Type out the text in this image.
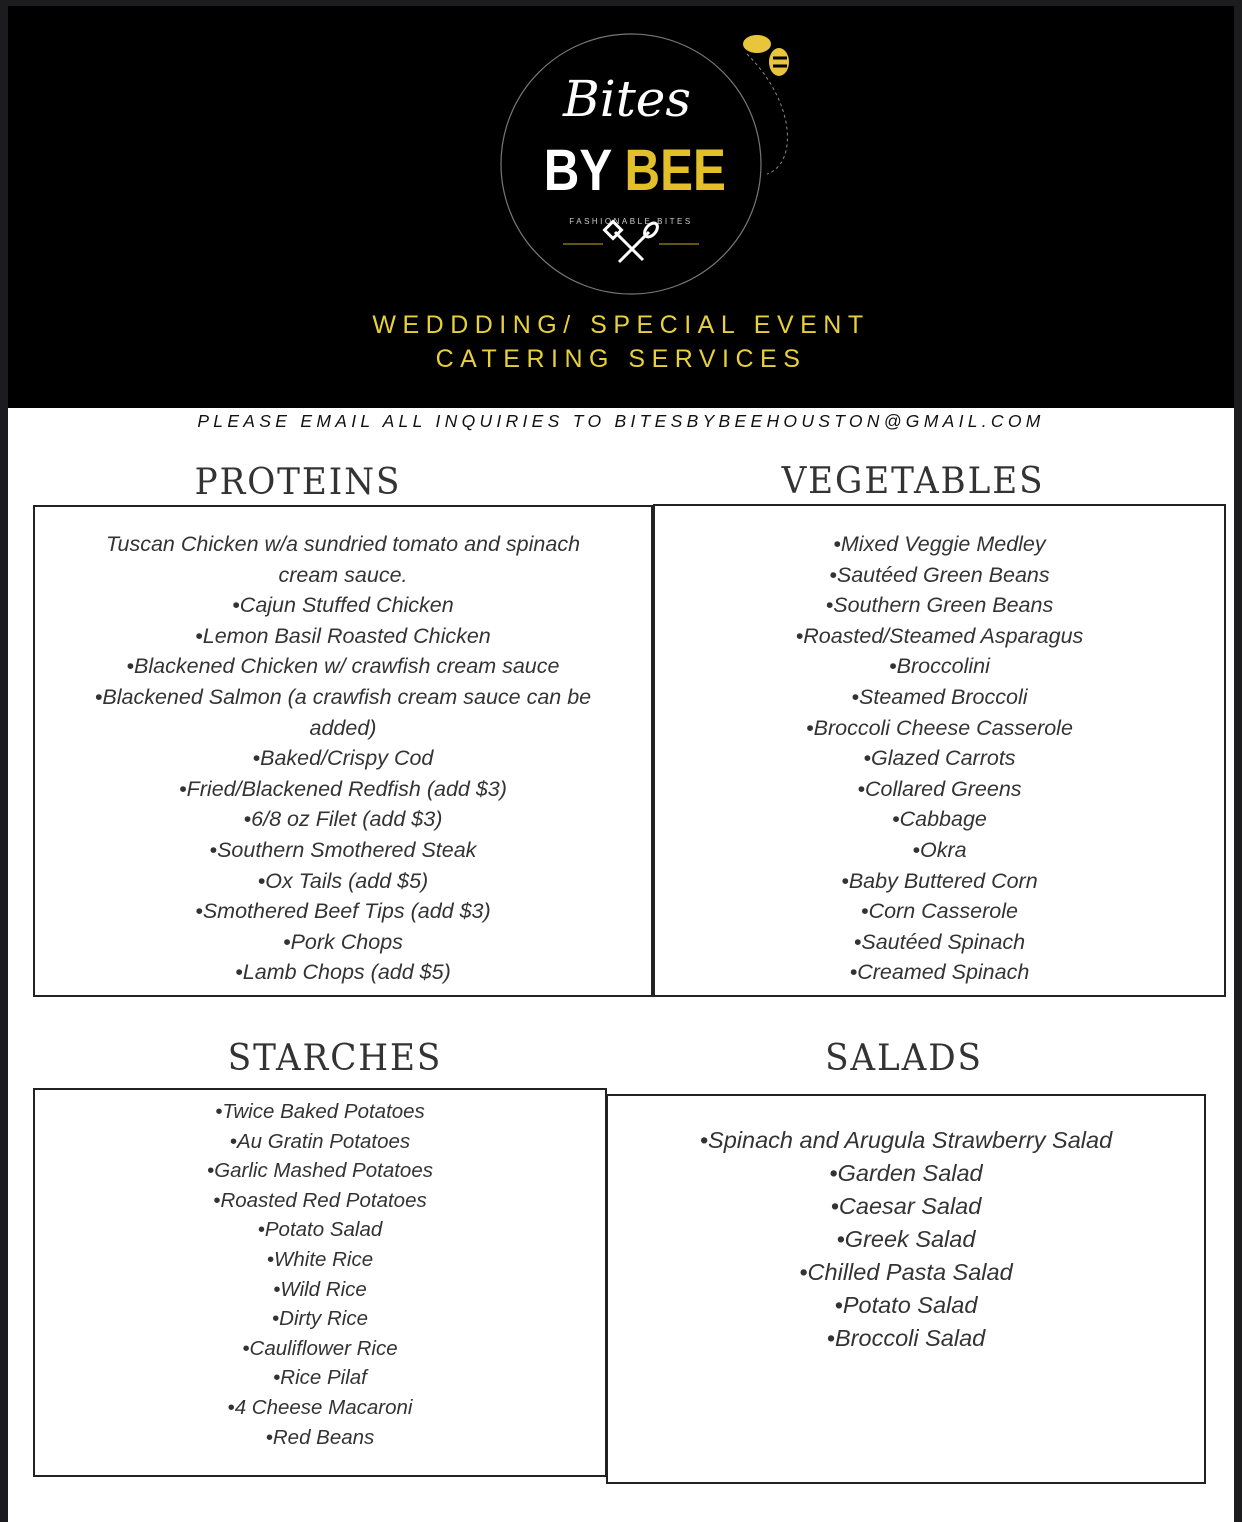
Bites
BY BEE
FASHIONABLE BITES
WEDDDING/ SPECIAL EVENT
CATERING SERVICES
PLEASE EMAIL ALL INQUIRIES TO BITESBYBEEHOUSTON@GMAIL.COM
PROTEINS
Tuscan Chicken w/a sundried tomato and spinach
cream sauce.
•Cajun Stuffed Chicken
•Lemon Basil Roasted Chicken
•Blackened Chicken w/ crawfish cream sauce
•Blackened Salmon (a crawfish cream sauce can be
added)
•Baked/Crispy Cod
•Fried/Blackened Redfish (add $3)
•6/8 oz Filet (add $3)
•Southern Smothered Steak
•Ox Tails (add $5)
•Smothered Beef Tips (add $3)
•Pork Chops
•Lamb Chops (add $5)
VEGETABLES
•Mixed Veggie Medley
•Sautéed Green Beans
•Southern Green Beans
•Roasted/Steamed Asparagus
•Broccolini
•Steamed Broccoli
•Broccoli Cheese Casserole
•Glazed Carrots
•Collared Greens
•Cabbage
•Okra
•Baby Buttered Corn
•Corn Casserole
•Sautéed Spinach
•Creamed Spinach
STARCHES
•Twice Baked Potatoes
•Au Gratin Potatoes
•Garlic Mashed Potatoes
•Roasted Red Potatoes
•Potato Salad
•White Rice
•Wild Rice
•Dirty Rice
•Cauliflower Rice
•Rice Pilaf
•4 Cheese Macaroni
•Red Beans
SALADS
•Spinach and Arugula Strawberry Salad
•Garden Salad
•Caesar Salad
•Greek Salad
•Chilled Pasta Salad
•Potato Salad
•Broccoli Salad
